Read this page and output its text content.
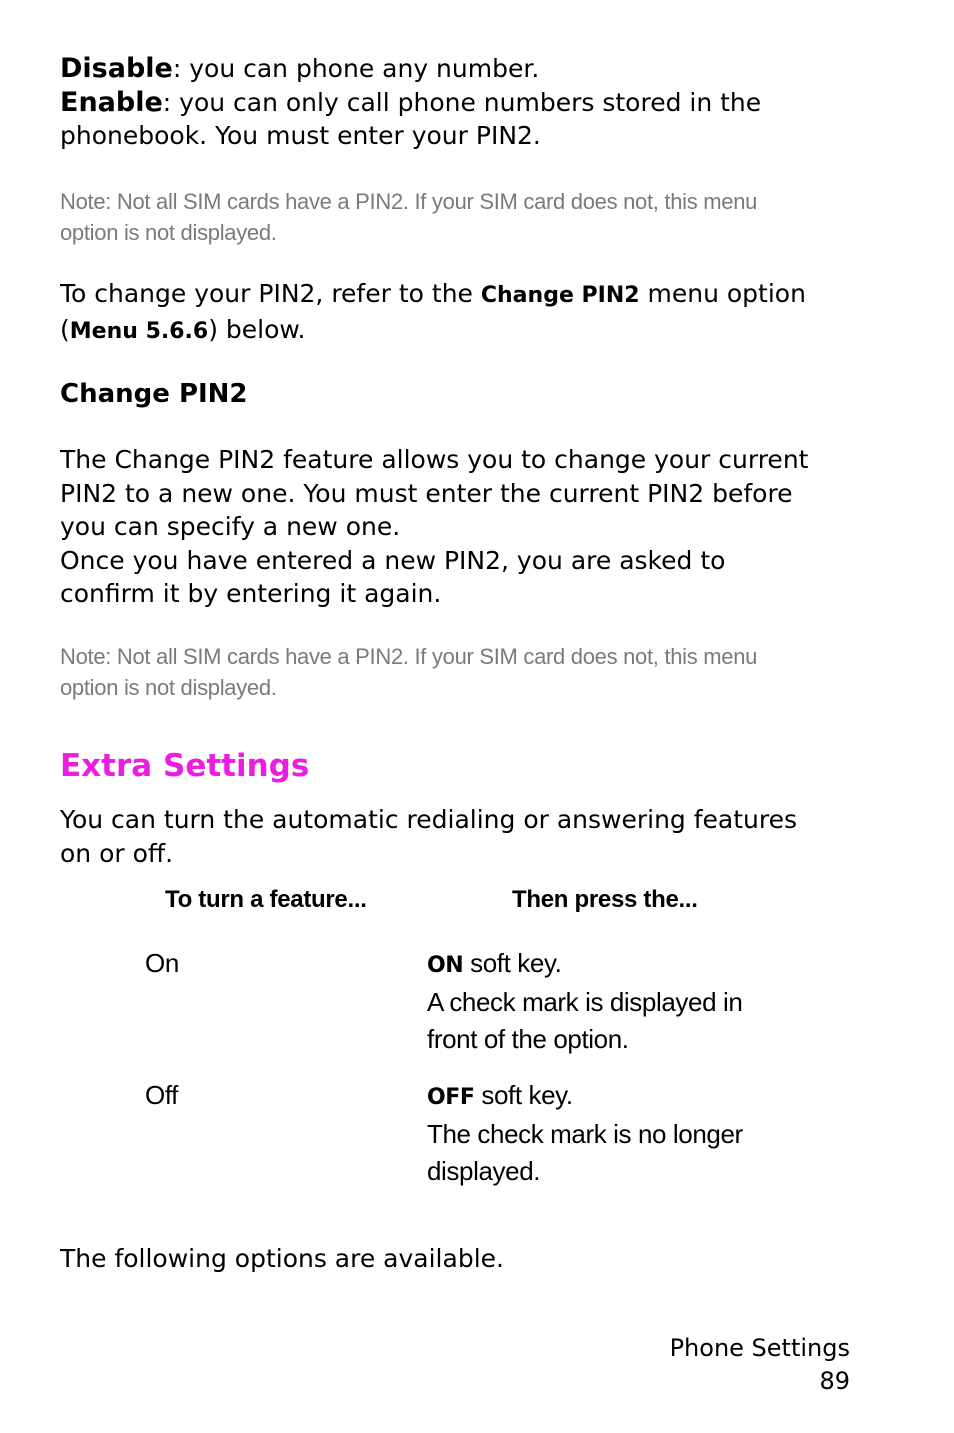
Disable: you can phone any number.
Enable: you can only call phone numbers stored in the
phonebook. You must enter your PIN2.
Note: Not all SIM cards have a PIN2. If your SIM card does not, this menu
option is not displayed.
To change your PIN2, refer to the Change PIN2 menu option
(Menu 5.6.6) below.
Change PIN2
The Change PIN2 feature allows you to change your current
PIN2 to a new one. You must enter the current PIN2 before
you can specify a new one.
Once you have entered a new PIN2, you are asked to
confirm it by entering it again.
Note: Not all SIM cards have a PIN2. If your SIM card does not, this menu
option is not displayed.
Extra Settings
You can turn the automatic redialing or answering features
on or off.
To turn a feature...	Then press the...
On	ON soft key.
A check mark is displayed in
front of the option.
Off	OFF soft key.
The check mark is no longer
displayed.
The following options are available.
Phone Settings
89
